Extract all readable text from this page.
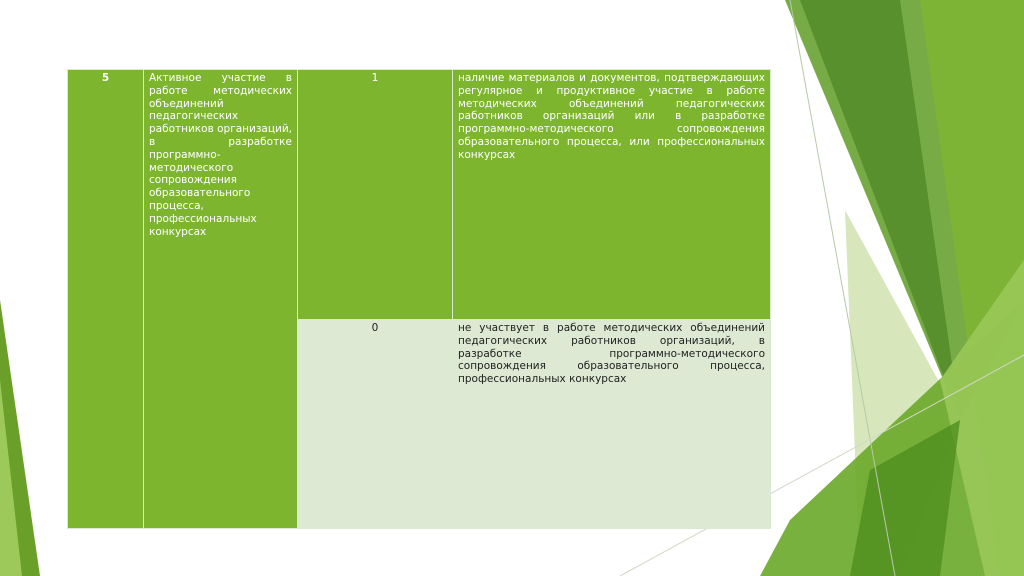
5	Активное участие в работе методических объединений педагогических работников организаций, в разработке программно-методического сопровождения образовательного процесса, профессиональных конкурсах	1	наличие материалов и документов, подтверждающих регулярное и продуктивное участие в работе методических объединений педагогических работников организаций или в разработке программно-методического сопровождения образовательного процесса, или профессиональных конкурсах
		0	не участвует в работе методических объединений педагогических работников организаций, в разработке программно-методического сопровождения образовательного процесса, профессиональных конкурсах
